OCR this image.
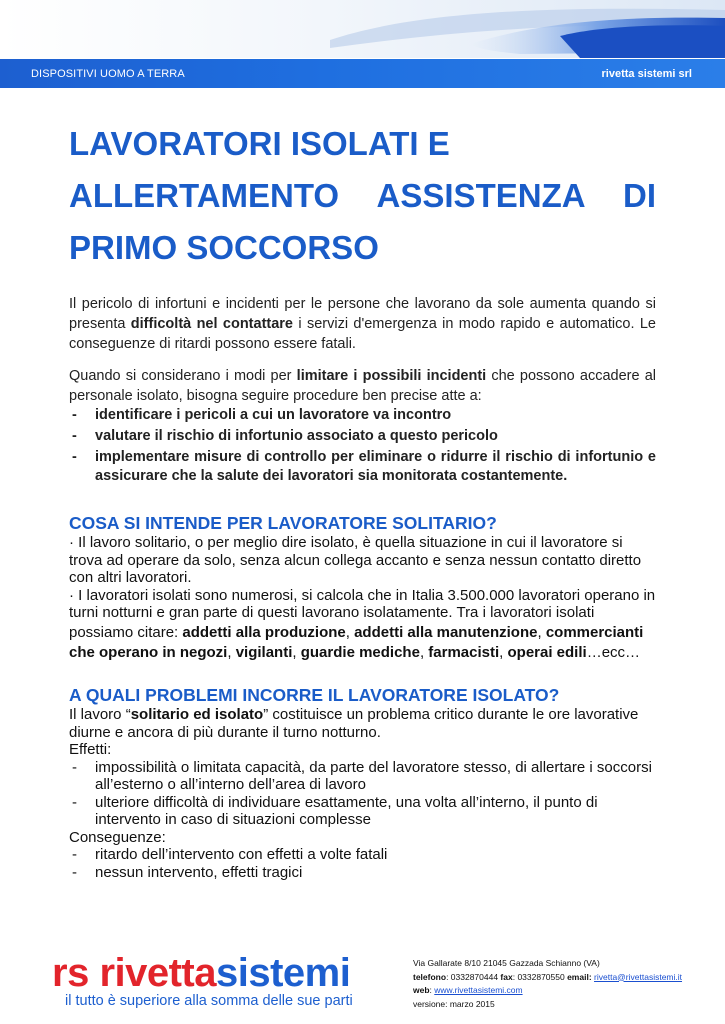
DISPOSITIVI UOMO A TERRA	rivetta sistemi srl
LAVORATORI ISOLATI E
ALLERTAMENTO ASSISTENZA DI
PRIMO SOCCORSO

Il pericolo di infortuni e incidenti per le persone che lavorano da sole aumenta quando si presenta difficoltà nel contattare i servizi d'emergenza in modo rapido e automatico. Le conseguenze di ritardi possono essere fatali.

Quando si considerano i modi per limitare i possibili incidenti che possono accadere al personale isolato, bisogna seguire procedure ben precise atte a:

- identificare i pericoli a cui un lavoratore va incontro
- valutare il rischio di infortunio associato a questo pericolo
- implementare misure di controllo per eliminare o ridurre il rischio di infortunio e assicurare che la salute dei lavoratori sia monitorata costantemente.
COSA SI INTENDE PER LAVORATORE SOLITARIO?

· Il lavoro solitario, o per meglio dire isolato, è quella situazione in cui il lavoratore si trova ad operare da solo, senza alcun collega accanto e senza nessun contatto diretto con altri lavoratori.

· I lavoratori isolati sono numerosi, si calcola che in Italia 3.500.000 lavoratori operano in turni notturni e gran parte di questi lavorano isolatamente. Tra i lavoratori isolati possiamo citare: addetti alla produzione, addetti alla manutenzione, commercianti che operano in negozi, vigilanti, guardie mediche, farmacisti, operai edili…ecc…

A QUALI PROBLEMI INCORRE IL LAVORATORE ISOLATO?

Il lavoro “solitario ed isolato” costituisce un problema critico durante le ore lavorative diurne e ancora di più durante il turno notturno.

Effetti:

- impossibilità o limitata capacità, da parte del lavoratore stesso, di allertare i soccorsi all’esterno o all’interno dell’area di lavoro
- ulteriore difficoltà di individuare esattamente, una volta all’interno, il punto di intervento in caso di situazioni complesse

Conseguenze:

- ritardo dell’intervento con effetti a volte fatali
- nessun intervento, effetti tragici
rs rivettasistemi
il tutto è superiore alla somma delle sue parti
Via Gallarate 8/10 21045 Gazzada Schianno (VA)
telefono: 0332870444 fax: 0332870550 email: rivetta@rivettasistemi.it
web: www.rivettasistemi.com
versione: marzo 2015
